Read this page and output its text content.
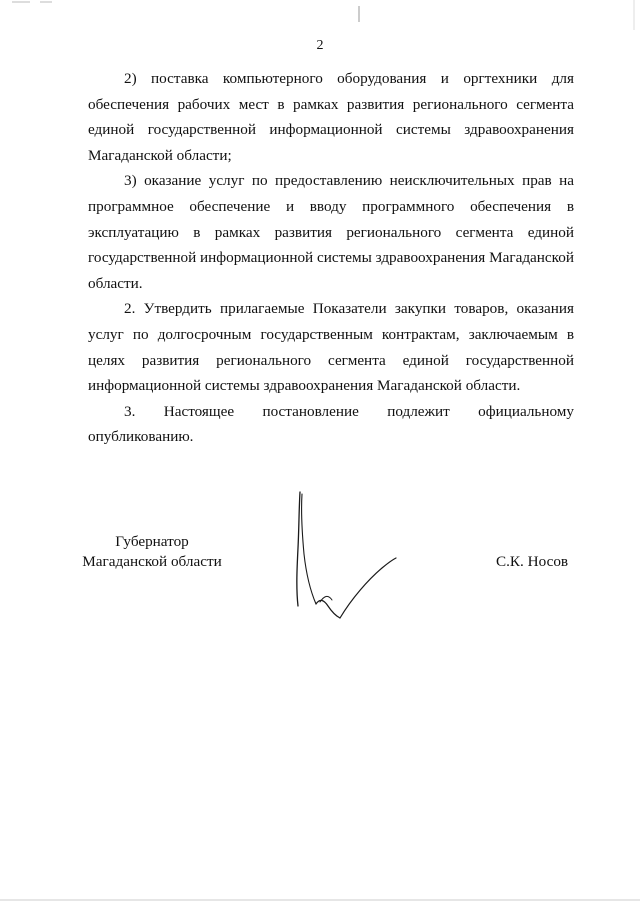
2

2) поставка компьютерного оборудования и оргтехники для обеспечения рабочих мест в рамках развития регионального сегмента единой государственной информационной системы здравоохранения Магаданской области;

3) оказание услуг по предоставлению неисключительных прав на программное обеспечение и вводу программного обеспечения в эксплуатацию в рамках развития регионального сегмента единой государственной информационной системы здравоохранения Магаданской области.

2. Утвердить прилагаемые Показатели закупки товаров, оказания услуг по долгосрочным государственным контрактам, заключаемым в целях развития регионального сегмента единой государственной информационной системы здравоохранения Магаданской области.

3. Настоящее постановление подлежит официальному опубликованию.

Губернатор
Магаданской области	С.К. Носов
